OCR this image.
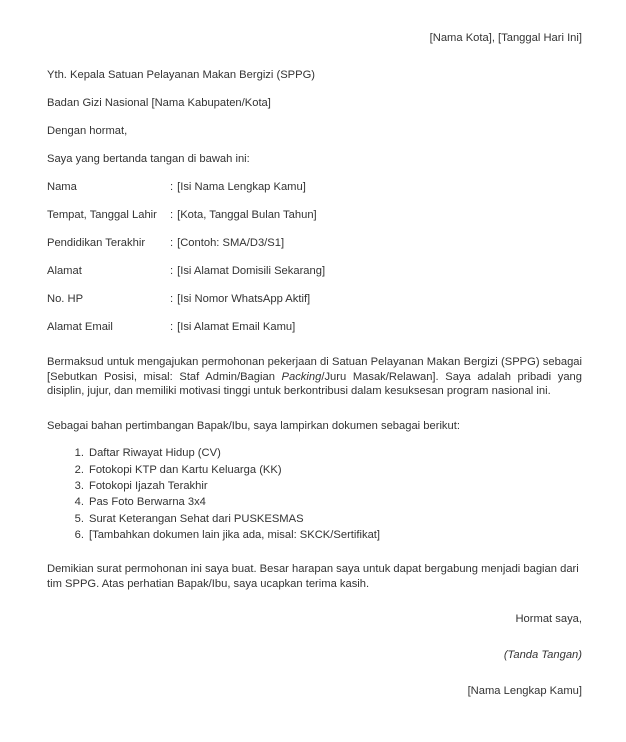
[Nama Kota], [Tanggal Hari Ini]
Yth. Kepala Satuan Pelayanan Makan Bergizi (SPPG)
Badan Gizi Nasional [Nama Kabupaten/Kota]
Dengan hormat,
Saya yang bertanda tangan di bawah ini:
Nama	: [Isi Nama Lengkap Kamu]
Tempat, Tanggal Lahir	: [Kota, Tanggal Bulan Tahun]
Pendidikan Terakhir	: [Contoh: SMA/D3/S1]
Alamat	: [Isi Alamat Domisili Sekarang]
No. HP	: [Isi Nomor WhatsApp Aktif]
Alamat Email	: [Isi Alamat Email Kamu]

Bermaksud untuk mengajukan permohonan pekerjaan di Satuan Pelayanan Makan Bergizi (SPPG) sebagai [Sebutkan Posisi, misal: Staf Admin/Bagian Packing/Juru Masak/Relawan]. Saya adalah pribadi yang disiplin, jujur, dan memiliki motivasi tinggi untuk berkontribusi dalam kesuksesan program nasional ini.

Sebagai bahan pertimbangan Bapak/Ibu, saya lampirkan dokumen sebagai berikut:

1. Daftar Riwayat Hidup (CV)
2. Fotokopi KTP dan Kartu Keluarga (KK)
3. Fotokopi Ijazah Terakhir
4. Pas Foto Berwarna 3x4
5. Surat Keterangan Sehat dari PUSKESMAS
6. [Tambahkan dokumen lain jika ada, misal: SKCK/Sertifikat]

Demikian surat permohonan ini saya buat. Besar harapan saya untuk dapat bergabung menjadi bagian dari tim SPPG. Atas perhatian Bapak/Ibu, saya ucapkan terima kasih.

Hormat saya,
(Tanda Tangan)
[Nama Lengkap Kamu]
